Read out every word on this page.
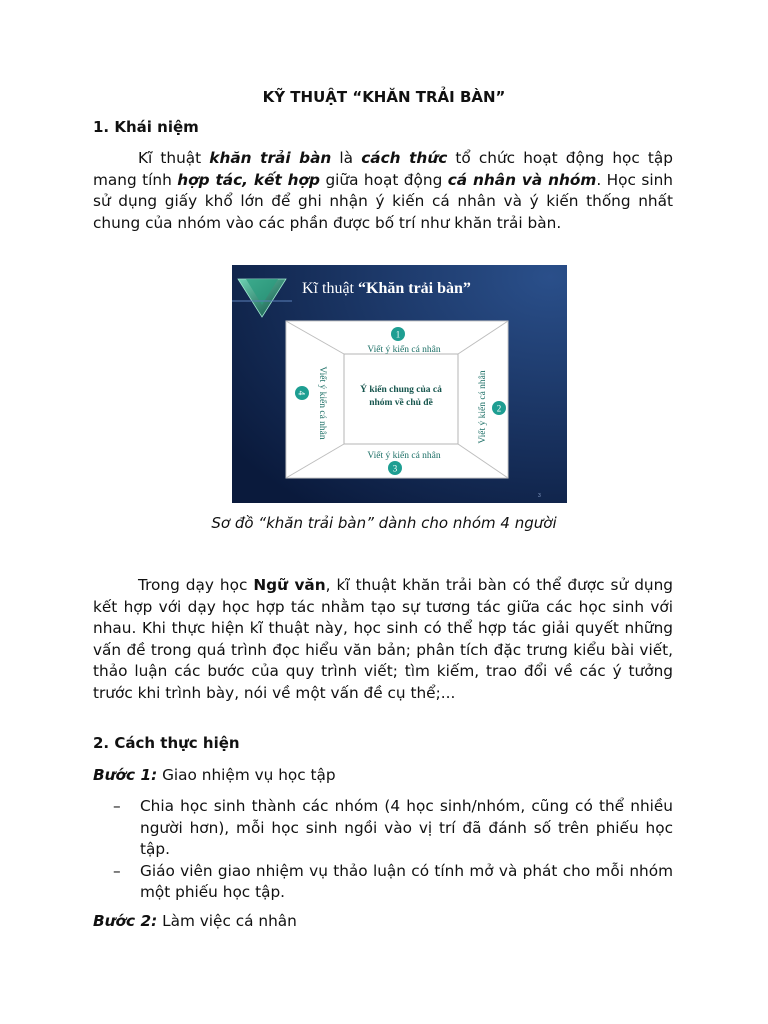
KỸ THUẬT “KHĂN TRẢI BÀN”
1. Khái niệm

Kĩ thuật khăn trải bàn là cách thức tổ chức hoạt động học tập mang tính hợp tác, kết hợp giữa hoạt động cá nhân và nhóm. Học sinh sử dụng giấy khổ lớn để ghi nhận ý kiến cá nhân và ý kiến thống nhất chung của nhóm vào các phần được bố trí như khăn trải bàn.

Kĩ thuật “Khăn trải bàn”
1
Viết ý kiến cá nhân
3
Viết ý kiến cá nhân
4 Viết ý kiến cá nhân	2
Viết ý kiến cá nhân
Ý kiến chung của cả
nhóm về chủ đề
3
Sơ đồ “khăn trải bàn” dành cho nhóm 4 người

Trong dạy học Ngữ văn, kĩ thuật khăn trải bàn có thể được sử dụng kết hợp với dạy học hợp tác nhằm tạo sự tương tác giữa các học sinh với nhau. Khi thực hiện kĩ thuật này, học sinh có thể hợp tác giải quyết những vấn đề trong quá trình đọc hiểu văn bản; phân tích đặc trưng kiểu bài viết, thảo luận các bước của quy trình viết; tìm kiếm, trao đổi về các ý tưởng trước khi trình bày, nói về một vấn đề cụ thể;...

2. Cách thực hiện
Bước 1: Giao nhiệm vụ học tập
– Chia học sinh thành các nhóm (4 học sinh/nhóm, cũng có thể nhiều người hơn), mỗi học sinh ngồi vào vị trí đã đánh số trên phiếu học tập.
– Giáo viên giao nhiệm vụ thảo luận có tính mở và phát cho mỗi nhóm một phiếu học tập.
Bước 2: Làm việc cá nhân
